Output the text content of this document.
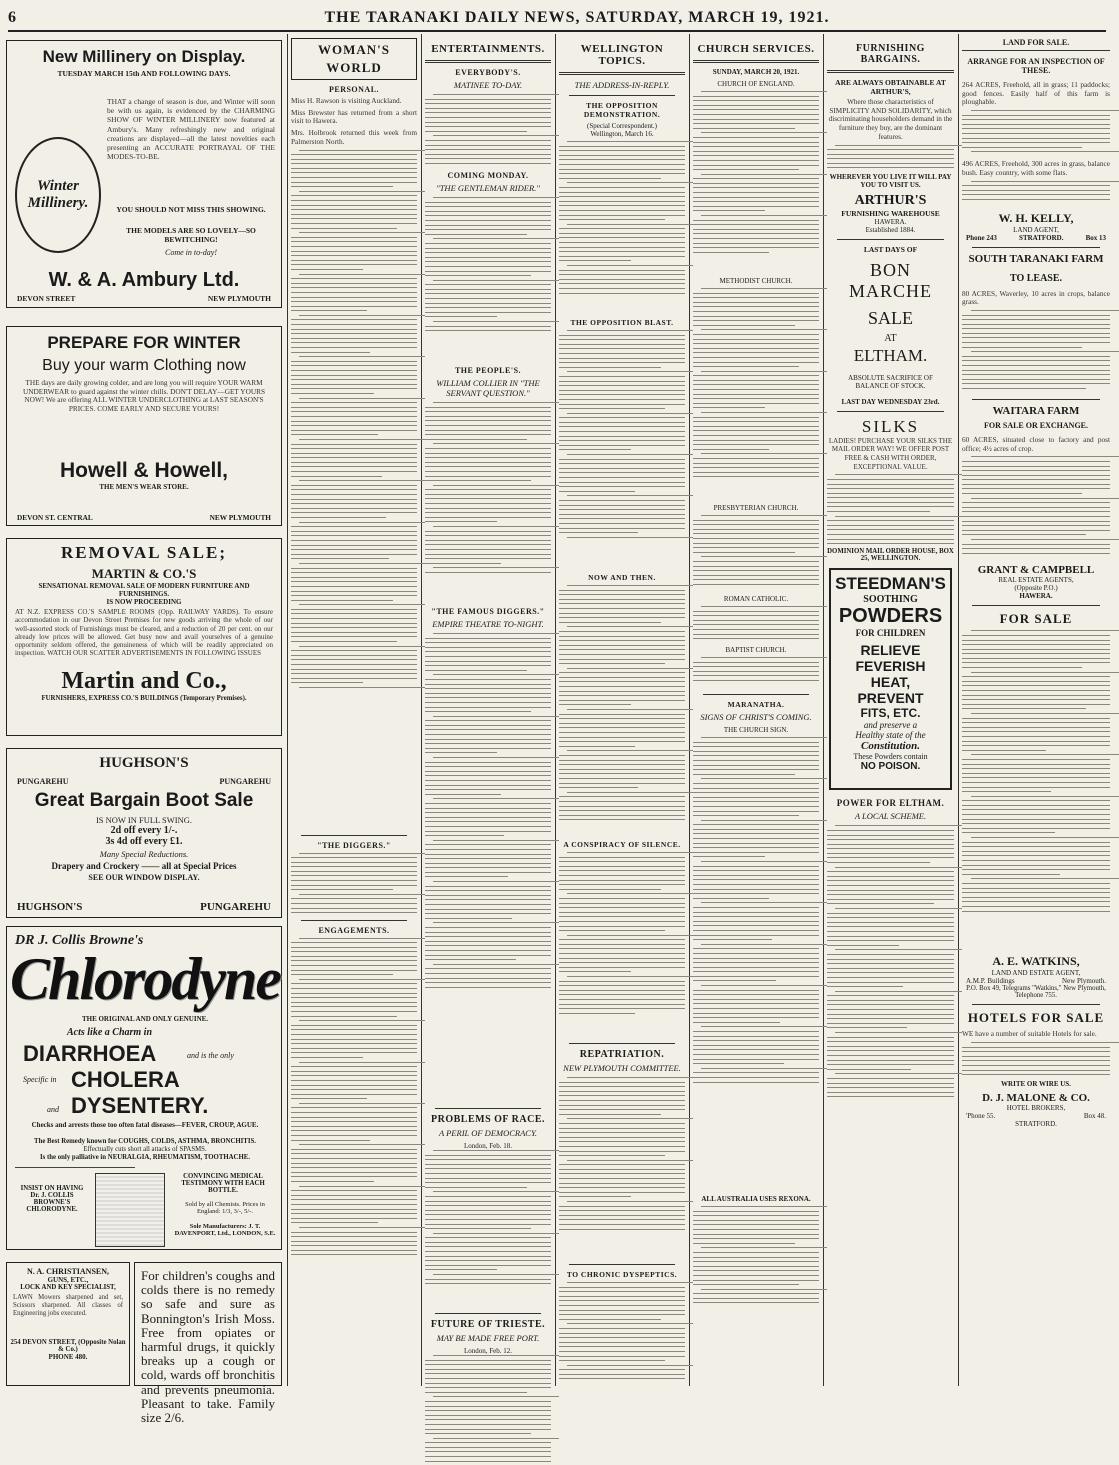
6	THE TARANAKI DAILY NEWS, SATURDAY, MARCH 19, 1921.
New Millinery on Display.
TUESDAY MARCH 15th AND FOLLOWING DAYS.
Winter
Millinery.
THAT a change of season is due, and Winter will soon be with us again, is evidenced by the CHARMING SHOW OF WINTER MILLINERY now featured at Ambury's. Many refreshingly new and original creations are displayed—all the latest novelties each presenting an ACCURATE PORTRAYAL OF THE MODES-TO-BE.
YOU SHOULD NOT MISS THIS SHOWING.
THE MODELS ARE SO LOVELY—SO BEWITCHING!
Come in to-day!
W. & A. Ambury Ltd.
DEVON STREET	NEW PLYMOUTH
PREPARE FOR WINTER
Buy your warm Clothing now
THE days are daily growing colder, and are long you will require YOUR WARM UNDERWEAR to guard against the winter chills. DON'T DELAY—GET YOURS NOW! We are offering ALL WINTER UNDERCLOTHING at LAST SEASON'S PRICES. COME EARLY AND SECURE YOURS!
Howell & Howell,
THE MEN'S WEAR STORE.
DEVON ST. CENTRAL	NEW PLYMOUTH
REMOVAL SALE;
MARTIN & CO.'S
SENSATIONAL REMOVAL SALE OF MODERN FURNITURE AND FURNISHINGS.
IS NOW PROCEEDING
AT N.Z. EXPRESS CO.'S SAMPLE ROOMS (Opp. RAILWAY YARDS). To ensure accommodation in our Devon Street Premises for new goods arriving the whole of our well-assorted stock of Furnishings must be cleared, and a reduction of 20 per cent. on our already low prices will be allowed. Get busy now and avail yourselves of a genuine opportunity seldom offered, the genuineness of which will be readily appreciated on inspection. WATCH OUR SCATTER ADVERTISEMENTS IN FOLLOWING ISSUES
Martin and Co.,
FURNISHERS, EXPRESS CO.'S BUILDINGS (Temporary Premises).
HUGHSON'S
PUNGAREHU	PUNGAREHU
Great Bargain Boot Sale
IS NOW IN FULL SWING.
2d off every 1/-.
3s 4d off every £1.
Many Special Reductions.
Drapery and Crockery —— all at Special Prices
SEE OUR WINDOW DISPLAY.
HUGHSON'S	PUNGAREHU
DR J. Collis Browne's
Chlorodyne
THE ORIGINAL AND ONLY GENUINE.
Acts like a Charm in
DIARRHOEA	and is the only
Specific in CHOLERA
and DYSENTERY.
Checks and arrests those too often fatal diseases—FEVER, CROUP, AGUE.
The Best Remedy known for COUGHS, COLDS, ASTHMA, BRONCHITIS.
Effectually cuts short all attacks of SPASMS.
Is the only palliative in NEURALGIA, RHEUMATISM, TOOTHACHE.
INSIST ON HAVING Dr. J. COLLIS BROWNE'S CHLORODYNE.
CONVINCING MEDICAL TESTIMONY WITH EACH BOTTLE.
Sold by all Chemists. Prices in England: 1/3, 3/-, 5/-.
Sole Manufacturers: J. T. DAVENPORT, Ltd., LONDON, S.E.
N. A. CHRISTIANSEN,
GUNS, ETC.,
LOCK AND KEY SPECIALIST,
LAWN Mowers sharpened and set, Scissors sharpened. All classes of Engineering jobs executed.
254 DEVON STREET, (Opposite Nolan & Co.)
PHONE 480.
For children's coughs and colds there is no remedy so safe and sure as Bonnington's Irish Moss. Free from opiates or harmful drugs, it quickly breaks up a cough or cold, wards off bronchitis and prevents pneumonia. Pleasant to take. Family size 2/6.
WOMAN'S WORLD
PERSONAL.
Miss H. Rawson is visiting Auckland.
Miss Brewster has returned from a short visit to Hawera.
Mrs. Holbrook returned this week from Palmerston North.
"THE DIGGERS."
ENGAGEMENTS.
ENTERTAINMENTS.
EVERYBODY'S.
MATINEE TO-DAY.
COMING MONDAY.
"THE GENTLEMAN RIDER."
THE PEOPLE'S.
WILLIAM COLLIER IN "THE SERVANT QUESTION."
"THE FAMOUS DIGGERS."
EMPIRE THEATRE TO-NIGHT.
PROBLEMS OF RACE.
A PERIL OF DEMOCRACY.
London, Feb. 18.
FUTURE OF TRIESTE.
MAY BE MADE FREE PORT.
London, Feb. 12.
WELLINGTON TOPICS.
THE ADDRESS-IN-REPLY.
THE OPPOSITION DEMONSTRATION.
(Special Correspondent.)
Wellington, March 16.
THE OPPOSITION BLAST.
NOW AND THEN.
A CONSPIRACY OF SILENCE.
REPATRIATION.
NEW PLYMOUTH COMMITTEE.
TO CHRONIC DYSPEPTICS.
CHURCH SERVICES.
SUNDAY, MARCH 20, 1921.
CHURCH OF ENGLAND.
METHODIST CHURCH.
PRESBYTERIAN CHURCH.
ROMAN CATHOLIC.
BAPTIST CHURCH.
MARANATHA.
SIGNS OF CHRIST'S COMING.
THE CHURCH SIGN.
ALL AUSTRALIA USES REXONA.
FURNISHING BARGAINS.
ARE ALWAYS OBTAINABLE AT ARTHUR'S,
Where those characteristics of SIMPLICITY AND SOLIDARITY, which discriminating householders demand in the furniture they buy, are the dominant features.
WHEREVER YOU LIVE IT WILL PAY YOU TO VISIT US.
ARTHUR'S
FURNISHING WAREHOUSE
HAWERA.
Established 1884.
LAST DAYS OF
BON MARCHE
SALE
AT
ELTHAM.
ABSOLUTE SACRIFICE OF BALANCE OF STOCK.
LAST DAY WEDNESDAY 23rd.
SILKS
LADIES! PURCHASE YOUR SILKS THE MAIL ORDER WAY! WE OFFER POST FREE & CASH WITH ORDER, EXCEPTIONAL VALUE.
DOMINION MAIL ORDER HOUSE, BOX 25, WELLINGTON.
STEEDMAN'S
SOOTHING
POWDERS
FOR CHILDREN
RELIEVE
FEVERISH
HEAT,
PREVENT
FITS, ETC.
and preserve a
Healthy state of the
Constitution.
These Powders contain
NO POISON.
POWER FOR ELTHAM.
A LOCAL SCHEME.
LAND FOR SALE.
ARRANGE FOR AN INSPECTION OF THESE.
264 ACRES, Freehold, all in grass; 11 paddocks; good fences. Easily half of this farm is ploughable.
496 ACRES, Freehold, 300 acres in grass, balance bush. Easy country, with some flats.
W. H. KELLY,
LAND AGENT,
Phone 243	STRATFORD.	Box 13
SOUTH TARANAKI FARM
TO LEASE.
80 ACRES, Waverley, 10 acres in crops, balance grass.
WAITARA FARM
FOR SALE OR EXCHANGE.
60 ACRES, situated close to factory and post office; 4½ acres of crop.
GRANT & CAMPBELL
REAL ESTATE AGENTS,
(Opposite P.O.)
HAWERA.
FOR SALE
A. E. WATKINS,
LAND AND ESTATE AGENT,
A.M.P. Buildings	New Plymouth.
P.O. Box 49, Telegrams "Watkins," New Plymouth, Telephone 755.
HOTELS FOR SALE
WE have a number of suitable Hotels for sale.
WRITE OR WIRE US.
D. J. MALONE & CO.
HOTEL BROKERS,
'Phone 55.	Box 48.
STRATFORD.
